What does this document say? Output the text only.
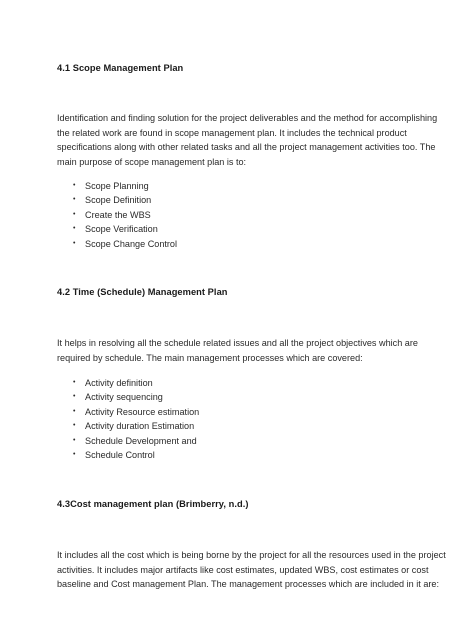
4.1 Scope Management Plan

Identification and finding solution for the project deliverables and the method for accomplishing
the related work are found in scope management plan. It includes the technical product
specifications along with other related tasks and all the project management activities too. The
main purpose of scope management plan is to:

• Scope Planning
• Scope Definition
• Create the WBS
• Scope Verification
• Scope Change Control
4.2 Time (Schedule) Management Plan

It helps in resolving all the schedule related issues and all the project objectives which are
required by schedule. The main management processes which are covered:

• Activity definition
• Activity sequencing
• Activity Resource estimation
• Activity duration Estimation
• Schedule Development and
• Schedule Control
4.3Cost management plan (Brimberry, n.d.)

It includes all the cost which is being borne by the project for all the resources used in the project
activities. It includes major artifacts like cost estimates, updated WBS, cost estimates or cost
baseline and Cost management Plan. The management processes which are included in it are:
